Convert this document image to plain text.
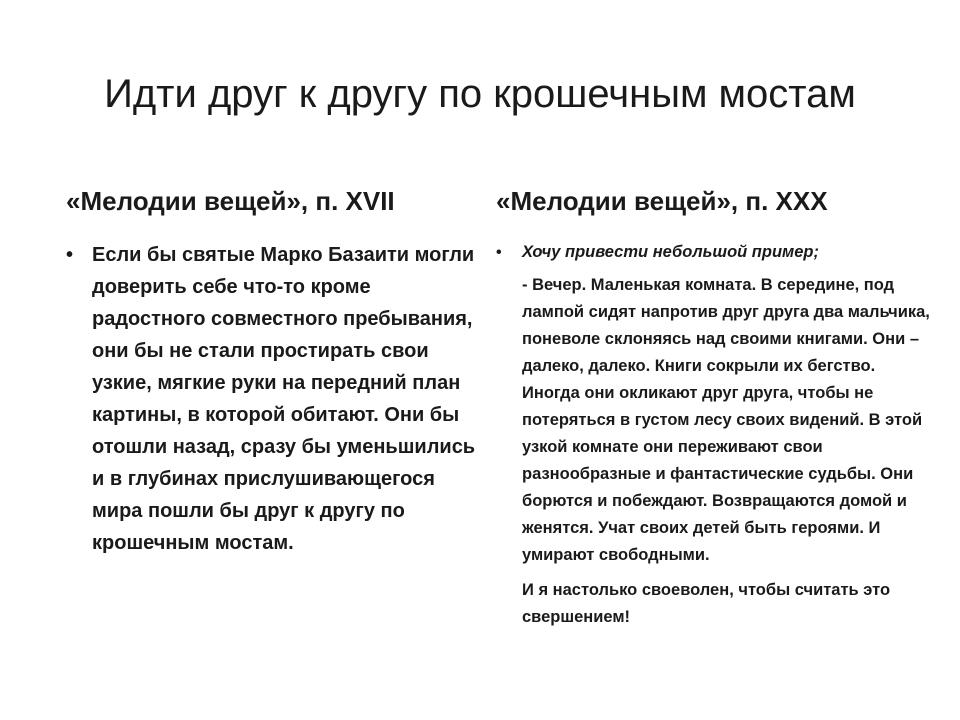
Идти друг к другу по крошечным мостам
«Мелодии вещей», п. XVII
• Если бы святые Марко Базаити могли доверить себе что-то кроме радостного совместного пребывания, они бы не стали простирать свои узкие, мягкие руки на передний план картины, в которой обитают. Они бы отошли назад, сразу бы уменьшились и в глубинах прислушивающегося мира пошли бы друг к другу по крошечным мостам.
«Мелодии вещей», п. XXX
• Хочу привести небольшой пример;
- Вечер. Маленькая комната. В середине, под лампой сидят напротив друг друга два мальчика, поневоле склоняясь над своими книгами. Они – далеко, далеко. Книги сокрыли их бегство. Иногда они окликают друг друга, чтобы не потеряться в густом лесу своих видений. В этой узкой комнате они переживают свои разнообразные и фантастические судьбы. Они борются и побеждают. Возвращаются домой и женятся. Учат своих детей быть героями. И умирают свободными.
И я настолько своеволен, чтобы считать это свершением!
